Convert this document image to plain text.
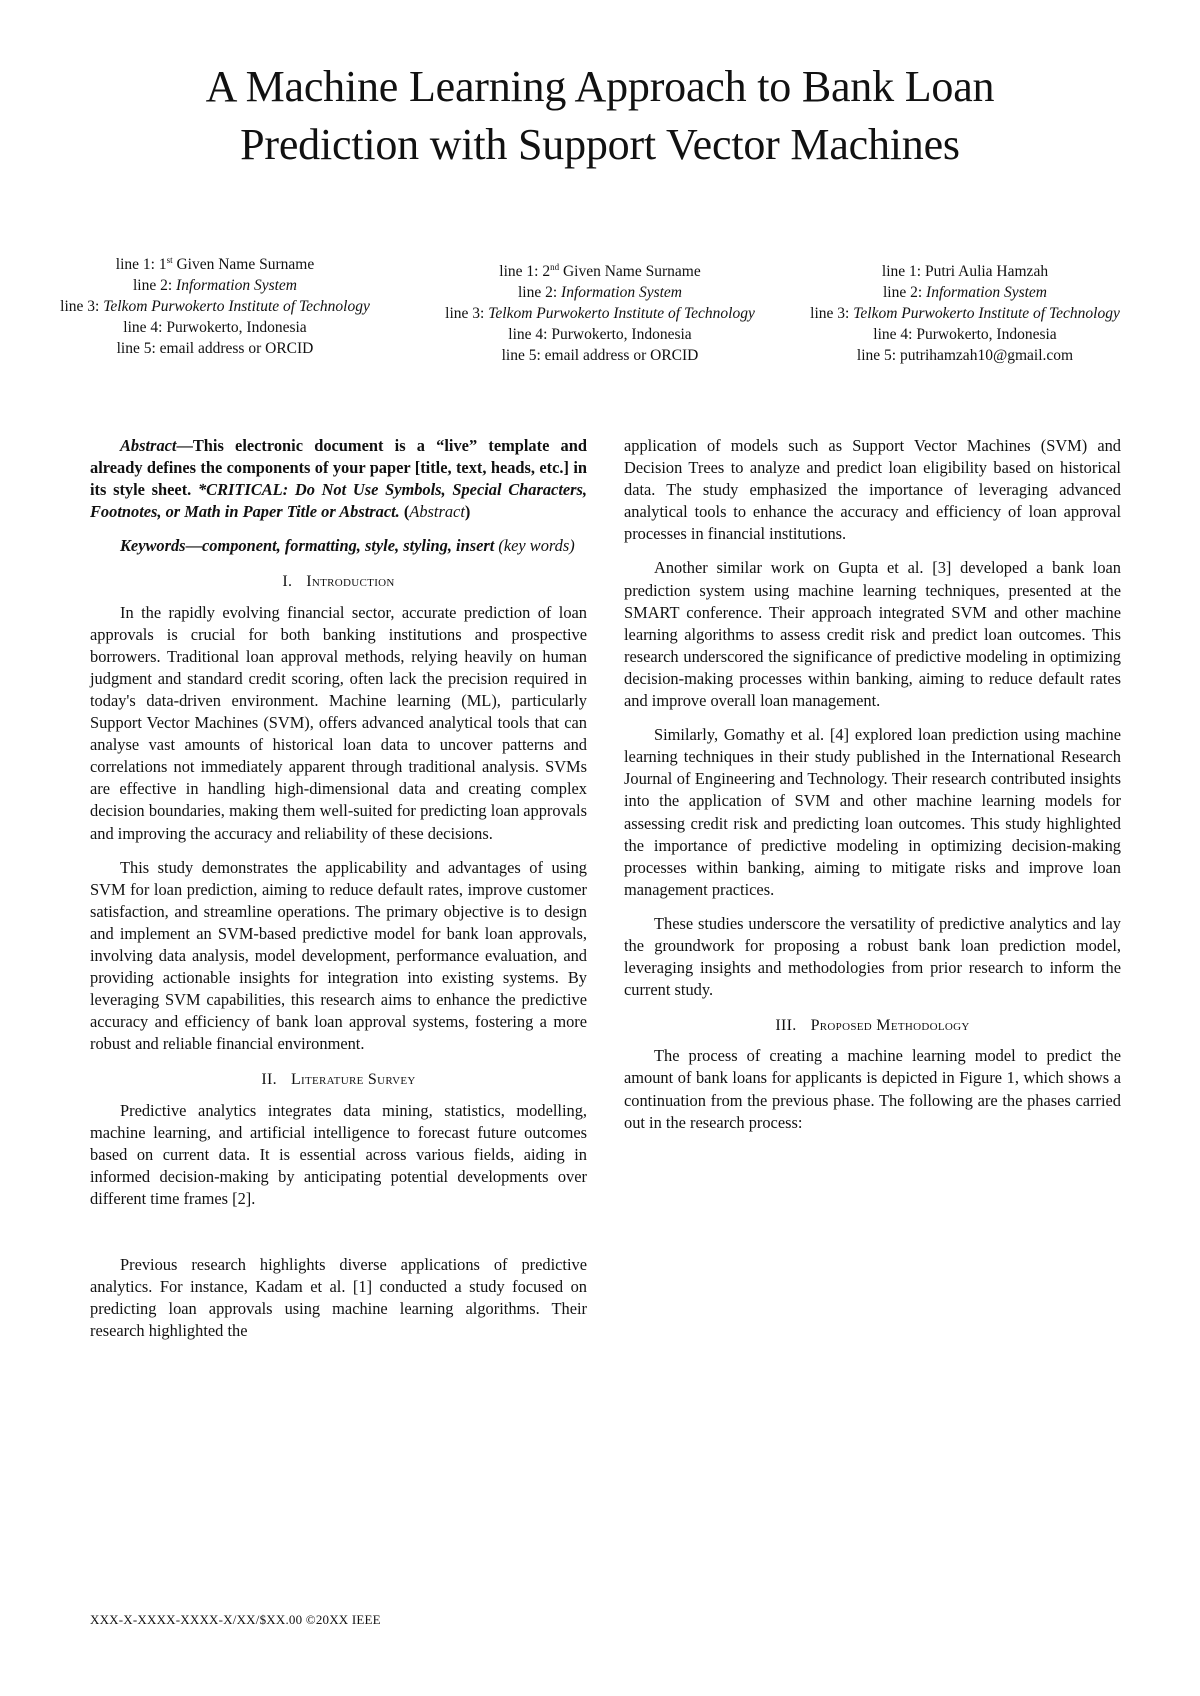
A Machine Learning Approach to Bank Loan
Prediction with Support Vector Machines
line 1: 1st Given Name Surname
line 2: Information System
line 3: Telkom Purwokerto Institute of Technology
line 4: Purwokerto, Indonesia
line 5: email address or ORCID
line 1: 2nd Given Name Surname
line 2: Information System
line 3: Telkom Purwokerto Institute of Technology
line 4: Purwokerto, Indonesia
line 5: email address or ORCID
line 1: Putri Aulia Hamzah
line 2: Information System
line 3: Telkom Purwokerto Institute of Technology
line 4: Purwokerto, Indonesia
line 5: putrihamzah10@gmail.com

Abstract—This electronic document is a “live” template and already defines the components of your paper [title, text, heads, etc.] in its style sheet. *CRITICAL: Do Not Use Symbols, Special Characters, Footnotes, or Math in Paper Title or Abstract. (Abstract)

Keywords—component, formatting, style, styling, insert (key words)

I. Introduction

In the rapidly evolving financial sector, accurate prediction of loan approvals is crucial for both banking institutions and prospective borrowers. Traditional loan approval methods, relying heavily on human judgment and standard credit scoring, often lack the precision required in today's data-driven environment. Machine learning (ML), particularly Support Vector Machines (SVM), offers advanced analytical tools that can analyse vast amounts of historical loan data to uncover patterns and correlations not immediately apparent through traditional analysis. SVMs are effective in handling high-dimensional data and creating complex decision boundaries, making them well-suited for predicting loan approvals and improving the accuracy and reliability of these decisions.

This study demonstrates the applicability and advantages of using SVM for loan prediction, aiming to reduce default rates, improve customer satisfaction, and streamline operations. The primary objective is to design and implement an SVM-based predictive model for bank loan approvals, involving data analysis, model development, performance evaluation, and providing actionable insights for integration into existing systems. By leveraging SVM capabilities, this research aims to enhance the predictive accuracy and efficiency of bank loan approval systems, fostering a more robust and reliable financial environment.

II. Literature Survey

Predictive analytics integrates data mining, statistics, modelling, machine learning, and artificial intelligence to forecast future outcomes based on current data. It is essential across various fields, aiding in informed decision-making by anticipating potential developments over different time frames [2].

Previous research highlights diverse applications of predictive analytics. For instance, Kadam et al. [1] conducted a study focused on predicting loan approvals using machine learning algorithms. Their research highlighted the

application of models such as Support Vector Machines (SVM) and Decision Trees to analyze and predict loan eligibility based on historical data. The study emphasized the importance of leveraging advanced analytical tools to enhance the accuracy and efficiency of loan approval processes in financial institutions.

Another similar work on Gupta et al. [3] developed a bank loan prediction system using machine learning techniques, presented at the SMART conference. Their approach integrated SVM and other machine learning algorithms to assess credit risk and predict loan outcomes. This research underscored the significance of predictive modeling in optimizing decision-making processes within banking, aiming to reduce default rates and improve overall loan management.

Similarly, Gomathy et al. [4] explored loan prediction using machine learning techniques in their study published in the International Research Journal of Engineering and Technology. Their research contributed insights into the application of SVM and other machine learning models for assessing credit risk and predicting loan outcomes. This study highlighted the importance of predictive modeling in optimizing decision-making processes within banking, aiming to mitigate risks and improve loan management practices.

These studies underscore the versatility of predictive analytics and lay the groundwork for proposing a robust bank loan prediction model, leveraging insights and methodologies from prior research to inform the current study.

III. Proposed Methodology

The process of creating a machine learning model to predict the amount of bank loans for applicants is depicted in Figure 1, which shows a continuation from the previous phase. The following are the phases carried out in the research process:

XXX-X-XXXX-XXXX-X/XX/$XX.00 ©20XX IEEE
